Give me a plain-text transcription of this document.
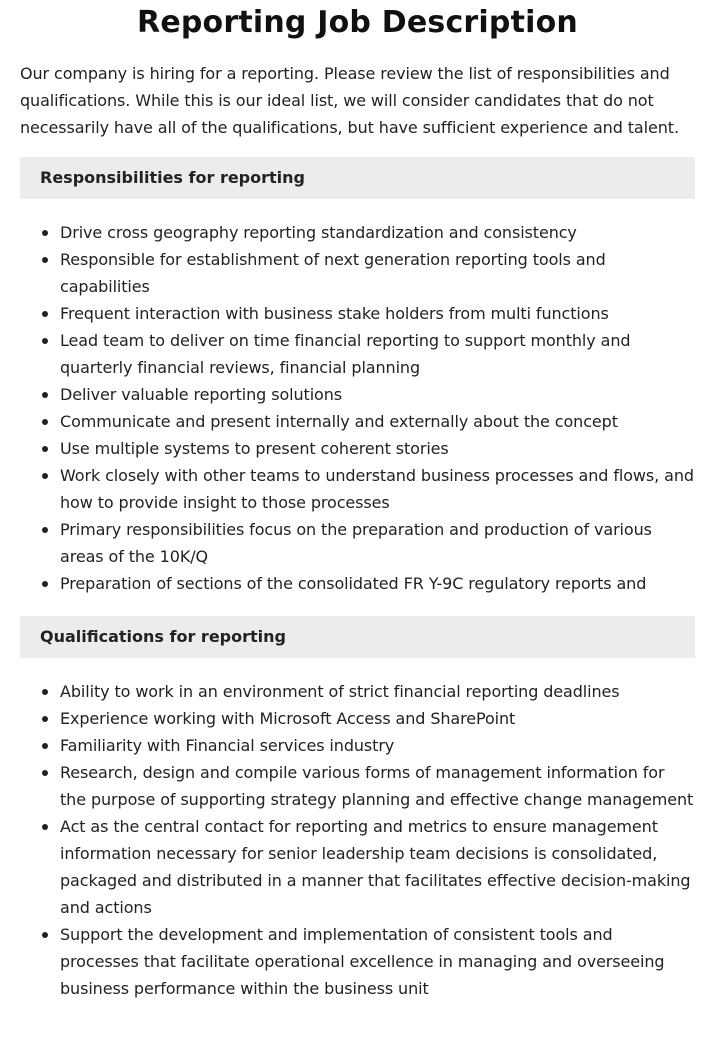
Reporting Job Description

Our company is hiring for a reporting. Please review the list of responsibilities and qualifications. While this is our ideal list, we will consider candidates that do not necessarily have all of the qualifications, but have sufficient experience and talent.

Responsibilities for reporting
Drive cross geography reporting standardization and consistency
Responsible for establishment of next generation reporting tools and capabilities
Frequent interaction with business stake holders from multi functions
Lead team to deliver on time financial reporting to support monthly and quarterly financial reviews, financial planning
Deliver valuable reporting solutions
Communicate and present internally and externally about the concept
Use multiple systems to present coherent stories
Work closely with other teams to understand business processes and flows, and how to provide insight to those processes
Primary responsibilities focus on the preparation and production of various areas of the 10K/Q
Preparation of sections of the consolidated FR Y-9C regulatory reports and
Qualifications for reporting
Ability to work in an environment of strict financial reporting deadlines
Experience working with Microsoft Access and SharePoint
Familiarity with Financial services industry
Research, design and compile various forms of management information for the purpose of supporting strategy planning and effective change management
Act as the central contact for reporting and metrics to ensure management information necessary for senior leadership team decisions is consolidated, packaged and distributed in a manner that facilitates effective decision-making and actions
Support the development and implementation of consistent tools and processes that facilitate operational excellence in managing and overseeing business performance within the business unit
